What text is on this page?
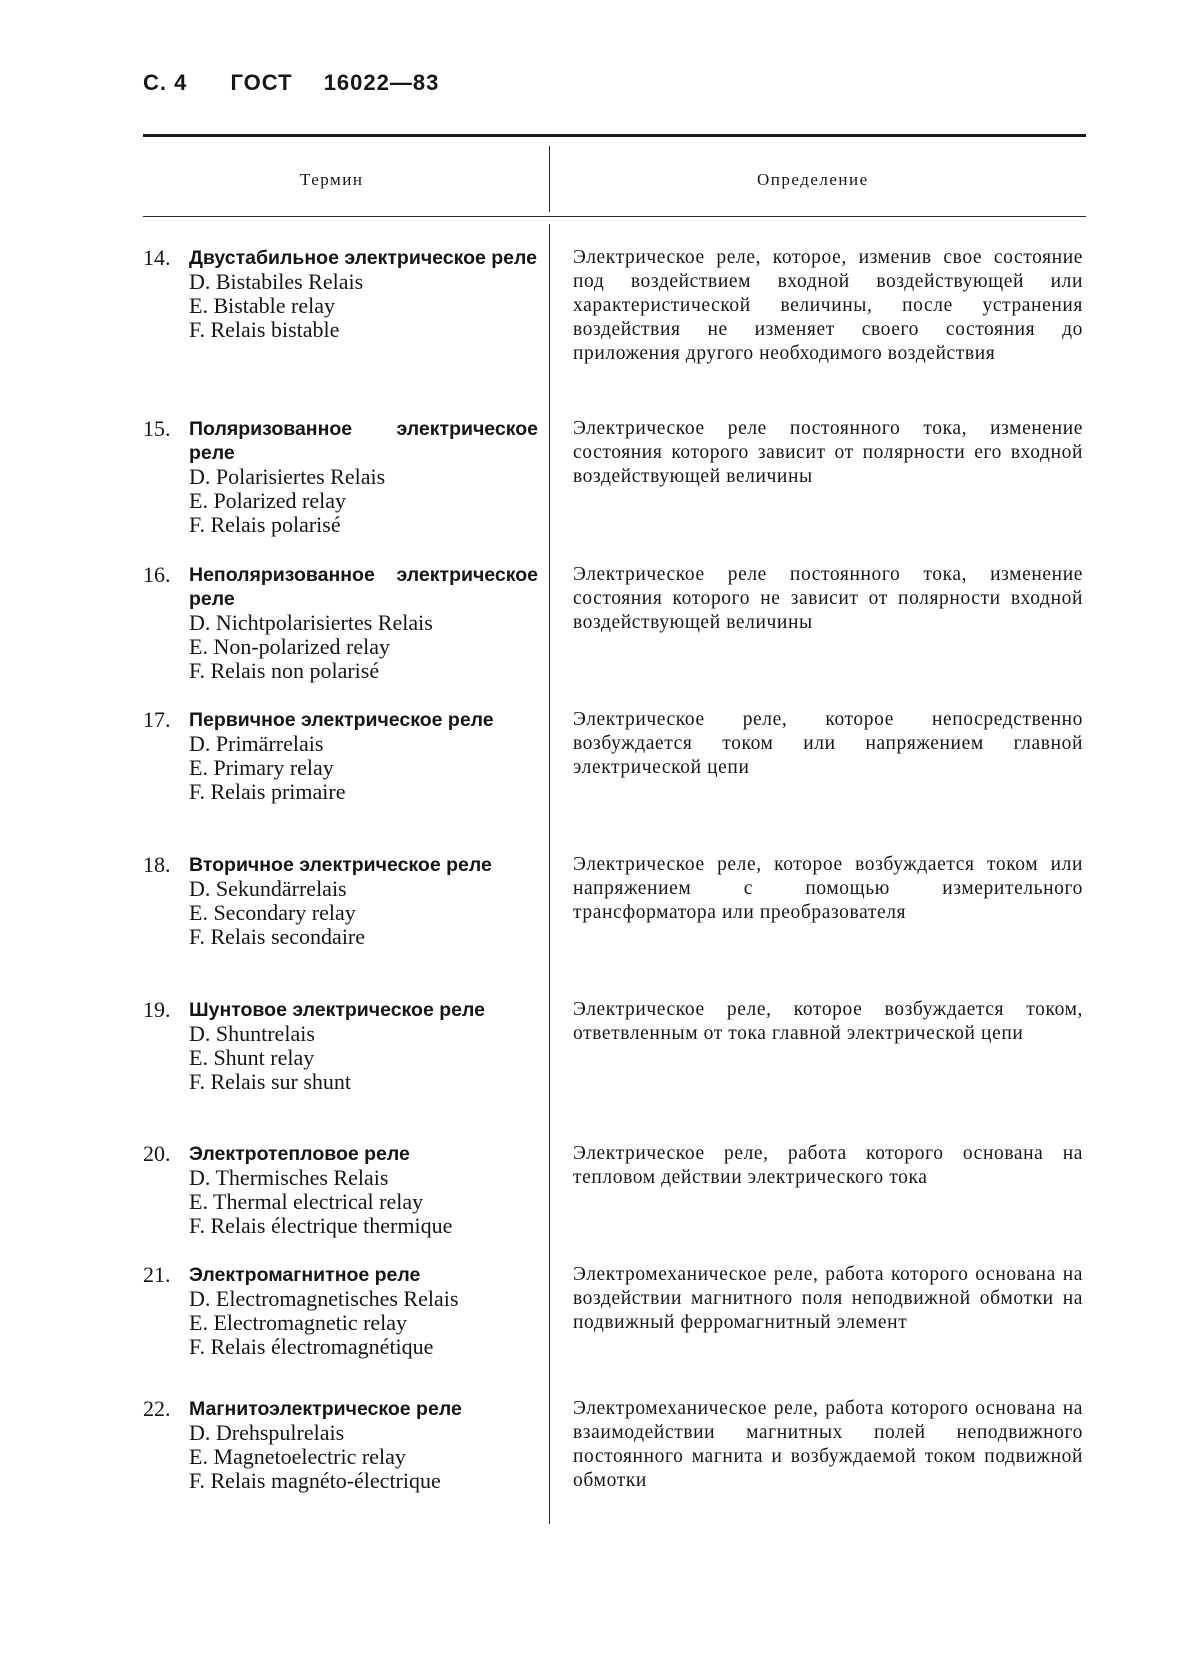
С. 4 ГОСТ 16022—83
Термин	Определение
14. Двустабильное электрическое реле
D. Bistabiles Relais
E. Bistable relay
F. Relais bistable
Электрическое реле, которое, изменив свое состояние под воздействием входной воздействующей или характеристической величины, после устранения воздействия не изменяет своего состояния до приложения другого необходимого воздействия
15. Поляризованное электрическое реле
D. Polarisiertes Relais
E. Polarized relay
F. Relais polarisé
Электрическое реле постоянного тока, изменение состояния которого зависит от полярности его входной воздействующей величины
16. Неполяризованное электрическое реле
D. Nichtpolarisiertes Relais
E. Non-polarized relay
F. Relais non polarisé
Электрическое реле постоянного тока, изменение состояния которого не зависит от полярности входной воздействующей величины
17. Первичное электрическое реле
D. Primärrelais
E. Primary relay
F. Relais primaire
Электрическое реле, которое непосредственно возбуждается током или напряжением главной электрической цепи
18. Вторичное электрическое реле
D. Sekundärrelais
E. Secondary relay
F. Relais secondaire
Электрическое реле, которое возбуждается током или напряжением с помощью измерительного трансформатора или преобразователя
19. Шунтовое электрическое реле
D. Shuntrelais
E. Shunt relay
F. Relais sur shunt
Электрическое реле, которое возбуждается током, ответвленным от тока главной электрической цепи
20. Электротепловое реле
D. Thermisches Relais
E. Thermal electrical relay
F. Relais électrique thermique
Электрическое реле, работа которого основана на тепловом действии электрического тока
21. Электромагнитное реле
D. Electromagnetisches Relais
E. Electromagnetic relay
F. Relais électromagnétique
Электромеханическое реле, работа которого основана на воздействии магнитного поля неподвижной обмотки на подвижный ферромагнитный элемент
22. Магнитоэлектрическое реле
D. Drehspulrelais
E. Magnetoelectric relay
F. Relais magnéto-électrique
Электромеханическое реле, работа которого основана на взаимодействии магнитных полей неподвижного постоянного магнита и возбуждаемой током подвижной обмотки
